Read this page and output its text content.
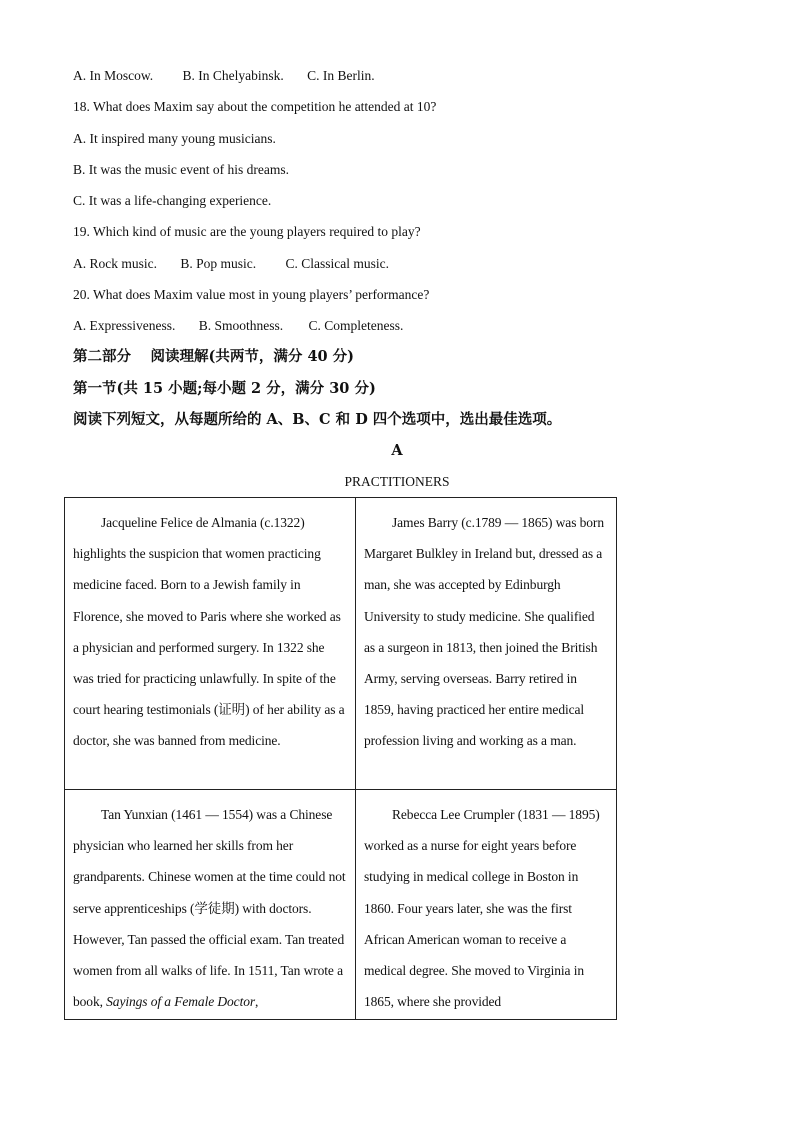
A. In Moscow. B. In Chelyabinsk. C. In Berlin.
18. What does Maxim say about the competition he attended at 10?
A. It inspired many young musicians.
B. It was the music event of his dreams.
C. It was a life-changing experience.
19. Which kind of music are the young players required to play?
A. Rock music. B. Pop music. C. Classical music.
20. What does Maxim value most in young players’ performance?
A. Expressiveness. B. Smoothness. C. Completeness.
第二部分　 阅读理解(共两节，满分 40 分)
第一节(共 15 小题;每小题 2 分，满分 30 分)
阅读下列短文，从每题所给的 A、B、C 和 D 四个选项中，选出最佳选项。
A
PRACTITIONERS

Jacqueline Felice de Almania (c.1322) highlights the suspicion that women practicing medicine faced. Born to a Jewish family in Florence, she moved to Paris where she worked as a physician and performed surgery. In 1322 she was tried for practicing unlawfully. In spite of the court hearing testimonials (证明) of her ability as a doctor, she was banned from medicine.

James Barry (c.1789 — 1865) was born Margaret Bulkley in Ireland but, dressed as a man, she was accepted by Edinburgh University to study medicine. She qualified as a surgeon in 1813, then joined the British Army, serving overseas. Barry retired in 1859, having practiced her entire medical profession living and working as a man.

Tan Yunxian (1461 — 1554) was a Chinese physician who learned her skills from her grandparents. Chinese women at the time could not serve apprenticeships (学徒期) with doctors. However, Tan passed the official exam. Tan treated women from all walks of life. In 1511, Tan wrote a book, Sayings of a Female Doctor,

Rebecca Lee Crumpler (1831 — 1895) worked as a nurse for eight years before studying in medical college in Boston in 1860. Four years later, she was the first African American woman to receive a medical degree. She moved to Virginia in 1865, where she provided
